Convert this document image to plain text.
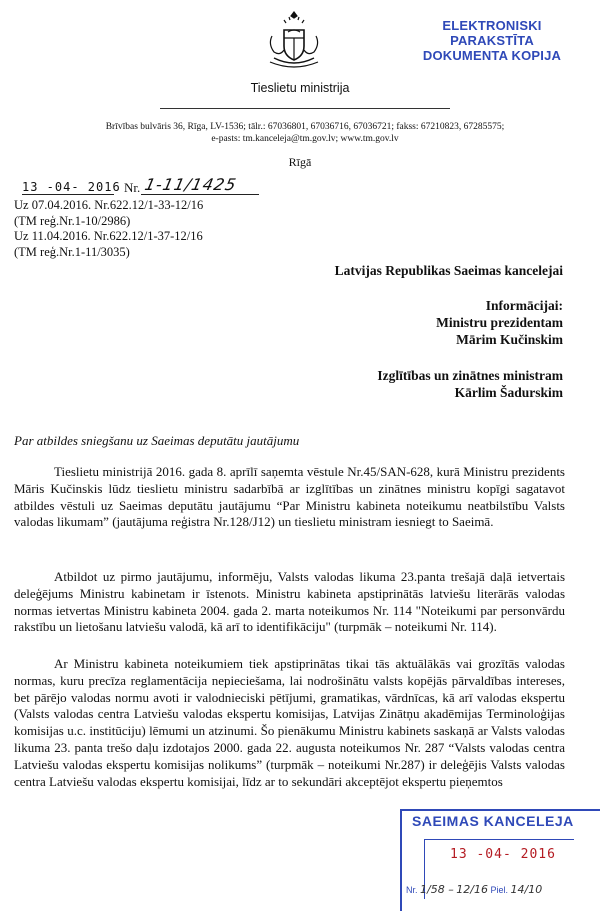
Tieslietu ministrija
ELEKTRONISKI PARAKSTĪTA
DOKUMENTA KOPIJA
Brīvības bulvāris 36, Rīga, LV-1536; tālr.: 67036801, 67036716, 67036721; fakss: 67210823, 67285575;
e-pasts: tm.kanceleja@tm.gov.lv; www.tm.gov.lv
Rīgā
13 -04- 2016 Nr. 1-11/1425
Uz 07.04.2016. Nr.622.12/1-33-12/16
(TM reģ.Nr.1-10/2986)
Uz 11.04.2016. Nr.622.12/1-37-12/16
(TM reģ.Nr.1-11/3035)
Latvijas Republikas Saeimas kancelejai
Informācijai:
Ministru prezidentam
Mārim Kučinskim
Izglītības un zinātnes ministram
Kārlim Šadurskim
Par atbildes sniegšanu uz Saeimas deputātu jautājumu

Tieslietu ministrijā 2016. gada 8. aprīlī saņemta vēstule Nr.45/SAN-628, kurā Ministru prezidents Māris Kučinskis lūdz tieslietu ministru sadarbībā ar izglītības un zinātnes ministru kopīgi sagatavot atbildes vēstuli uz Saeimas deputātu jautājumu “Par Ministru kabineta noteikumu neatbilstību Valsts valodas likumam” (jautājuma reģistra Nr.128/J12) un tieslietu ministram iesniegt to Saeimā.

Atbildot uz pirmo jautājumu, informēju, Valsts valodas likuma 23.panta trešajā daļā ietvertais deleģējums Ministru kabinetam ir īstenots. Ministru kabineta apstiprinātās latviešu literārās valodas normas ietvertas Ministru kabineta 2004. gada 2. marta noteikumos Nr. 114 "Noteikumi par personvārdu rakstību un lietošanu latviešu valodā, kā arī to identifikāciju" (turpmāk – noteikumi Nr. 114).

Ar Ministru kabineta noteikumiem tiek apstiprinātas tikai tās aktuālākās vai grozītās valodas normas, kuru precīza reglamentācija nepieciešama, lai nodrošinātu valsts kopējās pārvaldības intereses, bet pārējo valodas normu avoti ir valodnieciski pētījumi, gramatikas, vārdnīcas, kā arī valodas ekspertu (Valsts valodas centra Latviešu valodas ekspertu komisijas, Latvijas Zinātņu akadēmijas Terminoloģijas komisijas u.c. institūciju) lēmumi un atzinumi. Šo pienākumu Ministru kabinets saskaņā ar Valsts valodas likuma 23. panta trešo daļu izdotajos 2000. gada 22. augusta noteikumos Nr. 287 “Valsts valodas centra Latviešu valodas ekspertu komisijas nolikums” (turpmāk – noteikumi Nr.287) ir deleģējis Valsts valodas centra Latviešu valodas ekspertu komisijai, līdz ar to sekundāri akceptējot ekspertu pieņemtos

SAEIMAS KANCELEJA
13 -04- 2016
Nr. 1/58 – 12/16 Piel. 14/10
